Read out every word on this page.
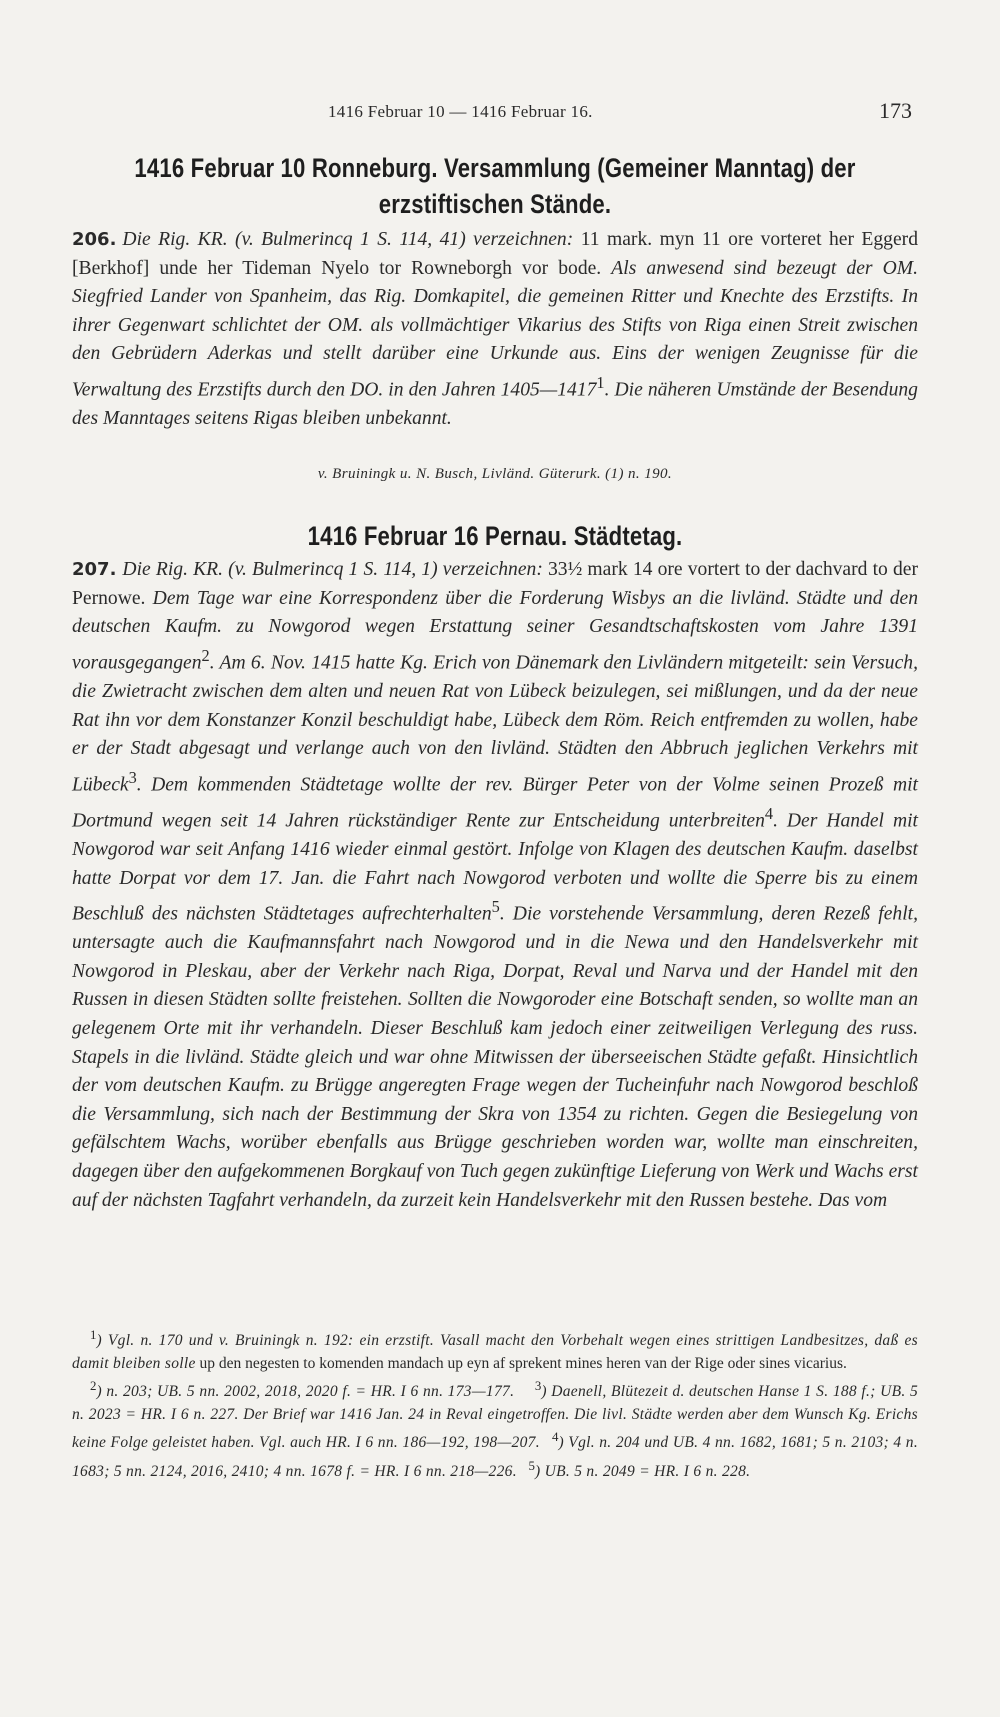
1416 Februar 10 — 1416 Februar 16.	173
1416 Februar 10 Ronneburg. Versammlung (Gemeiner Manntag) der
erzstiftischen Stände.
206. Die Rig. KR. (v. Bulmerincq 1 S. 114, 41) verzeichnen: 11 mark. myn 11 ore vorteret her Eggerd [Berkhof] unde her Tideman Nyelo tor Rowneborgh vor bode. Als anwesend sind bezeugt der OM. Siegfried Lander von Spanheim, das Rig. Domkapitel, die gemeinen Ritter und Knechte des Erzstifts. In ihrer Gegenwart schlichtet der OM. als vollmächtiger Vikarius des Stifts von Riga einen Streit zwischen den Gebrüdern Aderkas und stellt darüber eine Urkunde aus. Eins der wenigen Zeugnisse für die Verwaltung des Erzstifts durch den DO. in den Jahren 1405—1417$^1$. Die näheren Umstände der Besendung des Manntages seitens Rigas bleiben unbekannt.
v. Bruiningk u. N. Busch, Livländ. Güterurk. (1) n. 190.
1416 Februar 16 Pernau. Städtetag.
207. Die Rig. KR. (v. Bulmerincq 1 S. 114, 1) verzeichnen: 33½ mark 14 ore vortert to der dachvard to der Pernowe. Dem Tage war eine Korrespondenz über die Forderung Wisbys an die livländ. Städte und den deutschen Kaufm. zu Nowgorod wegen Erstattung seiner Gesandtschaftskosten vom Jahre 1391 vorausgegangen$^2$. Am 6. Nov. 1415 hatte Kg. Erich von Dänemark den Livländern mitgeteilt: sein Versuch, die Zwietracht zwischen dem alten und neuen Rat von Lübeck beizulegen, sei mißlungen, und da der neue Rat ihn vor dem Konstanzer Konzil beschuldigt habe, Lübeck dem Röm. Reich entfremden zu wollen, habe er der Stadt abgesagt und verlange auch von den livländ. Städten den Abbruch jeglichen Verkehrs mit Lübeck$^3$. Dem kommenden Städtetage wollte der rev. Bürger Peter von der Volme seinen Prozeß mit Dortmund wegen seit 14 Jahren rückständiger Rente zur Entscheidung unterbreiten$^4$. Der Handel mit Nowgorod war seit Anfang 1416 wieder einmal gestört. Infolge von Klagen des deutschen Kaufm. daselbst hatte Dorpat vor dem 17. Jan. die Fahrt nach Nowgorod verboten und wollte die Sperre bis zu einem Beschluß des nächsten Städtetages aufrechterhalten$^5$. Die vorstehende Versammlung, deren Rezeß fehlt, untersagte auch die Kaufmannsfahrt nach Nowgorod und in die Newa und den Handelsverkehr mit Nowgorod in Pleskau, aber der Verkehr nach Riga, Dorpat, Reval und Narva und der Handel mit den Russen in diesen Städten sollte freistehen. Sollten die Nowgoroder eine Botschaft senden, so wollte man an gelegenem Orte mit ihr verhandeln. Dieser Beschluß kam jedoch einer zeitweiligen Verlegung des russ. Stapels in die livländ. Städte gleich und war ohne Mitwissen der überseeischen Städte gefaßt. Hinsichtlich der vom deutschen Kaufm. zu Brügge angeregten Frage wegen der Tucheinfuhr nach Nowgorod beschloß die Versammlung, sich nach der Bestimmung der Skra von 1354 zu richten. Gegen die Besiegelung von gefälschtem Wachs, worüber ebenfalls aus Brügge geschrieben worden war, wollte man einschreiten, dagegen über den aufgekommenen Borgkauf von Tuch gegen zukünftige Lieferung von Werk und Wachs erst auf der nächsten Tagfahrt verhandeln, da zurzeit kein Handelsverkehr mit den Russen bestehe. Das vom

$^1$) Vgl. n. 170 und v. Bruiningk n. 192: ein erzstift. Vasall macht den Vorbehalt wegen eines strittigen Landbesitzes, daß es damit bleiben solle up den negesten to komenden mandach up eyn af sprekent mines heren van der Rige oder sines vicarius.

$^2$) n. 203; UB. 5 nn. 2002, 2018, 2020 f. = HR. I 6 nn. 173—177. $^3$) Daenell, Blütezeit d. deutschen Hanse 1 S. 188 f.; UB. 5 n. 2023 = HR. I 6 n. 227. Der Brief war 1416 Jan. 24 in Reval eingetroffen. Die livl. Städte werden aber dem Wunsch Kg. Erichs keine Folge geleistet haben. Vgl. auch HR. I 6 nn. 186—192, 198—207. $^4$) Vgl. n. 204 und UB. 4 nn. 1682, 1681; 5 n. 2103; 4 n. 1683; 5 nn. 2124, 2016, 2410; 4 nn. 1678 f. = HR. I 6 nn. 218—226. $^5$) UB. 5 n. 2049 = HR. I 6 n. 228.
